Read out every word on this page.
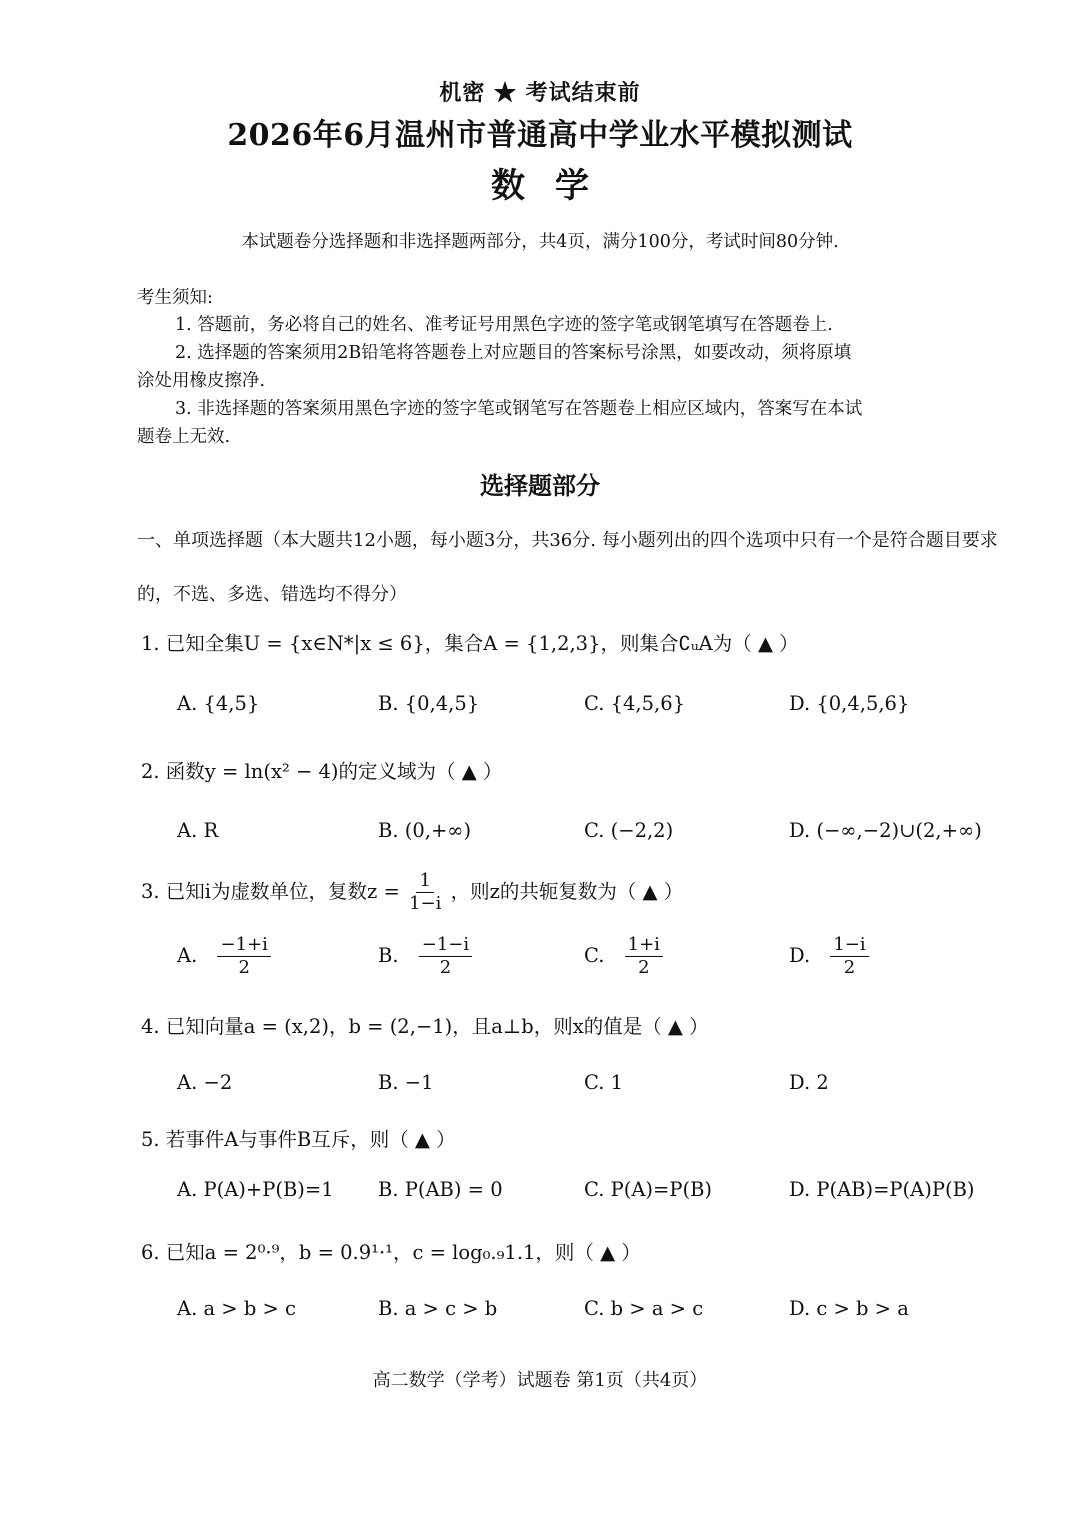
机密 ★ 考试结束前
2026年6月温州市普通高中学业水平模拟测试
数学
本试题卷分选择题和非选择题两部分，共4页，满分100分，考试时间80分钟.
考生须知:
1. 答题前，务必将自己的姓名、准考证号用黑色字迹的签字笔或钢笔填写在答题卷上.
2. 选择题的答案须用2B铅笔将答题卷上对应题目的答案标号涂黑，如要改动，须将原填
涂处用橡皮擦净.
3. 非选择题的答案须用黑色字迹的签字笔或钢笔写在答题卷上相应区域内，答案写在本试
题卷上无效.
选择题部分
一、单项选择题（本大题共12小题，每小题3分，共36分. 每小题列出的四个选项中只有一个是符合题目要求的，不选、多选、错选均不得分）
1. 已知全集U = {x∈N*|x ≤ 6}，集合A = {1,2,3}，则集合∁ᵤA为（ ▲ ）
A. {4,5}	B. {0,4,5}	C. {4,5,6}	D. {0,4,5,6}
2. 函数y = ln(x² − 4)的定义域为（ ▲ ）
A. R	B. (0,+∞)	C. (−2,2)	D. (−∞,−2)∪(2,+∞)
3. 已知i为虚数单位，复数$z = \frac{1}{1-i}$ ，则z的共轭复数为（ ▲ ）
A. $\frac{-1+i}{2}$	B. $\frac{-1-i}{2}$	C. $\frac{1+i}{2}$	D. $\frac{1-i}{2}$
4. 已知向量a = (x,2)，b = (2,−1)，且a⊥b，则x的值是（ ▲ ）
A. −2	B. −1	C. 1	D. 2
5. 若事件A与事件B互斥，则（ ▲ ）
A. P(A)+P(B)=1 B. P(AB) = 0	C. P(A)=P(B)	D. P(AB)=P(A)P(B)
6. 已知a = 2⁰·⁹，b = 0.9¹·¹，c = log₀.₉1.1，则（ ▲ ）
A. a > b > c	B. a > c > b	C. b > a > c	D. c > b > a
高二数学（学考）试题卷 第1页（共4页）
